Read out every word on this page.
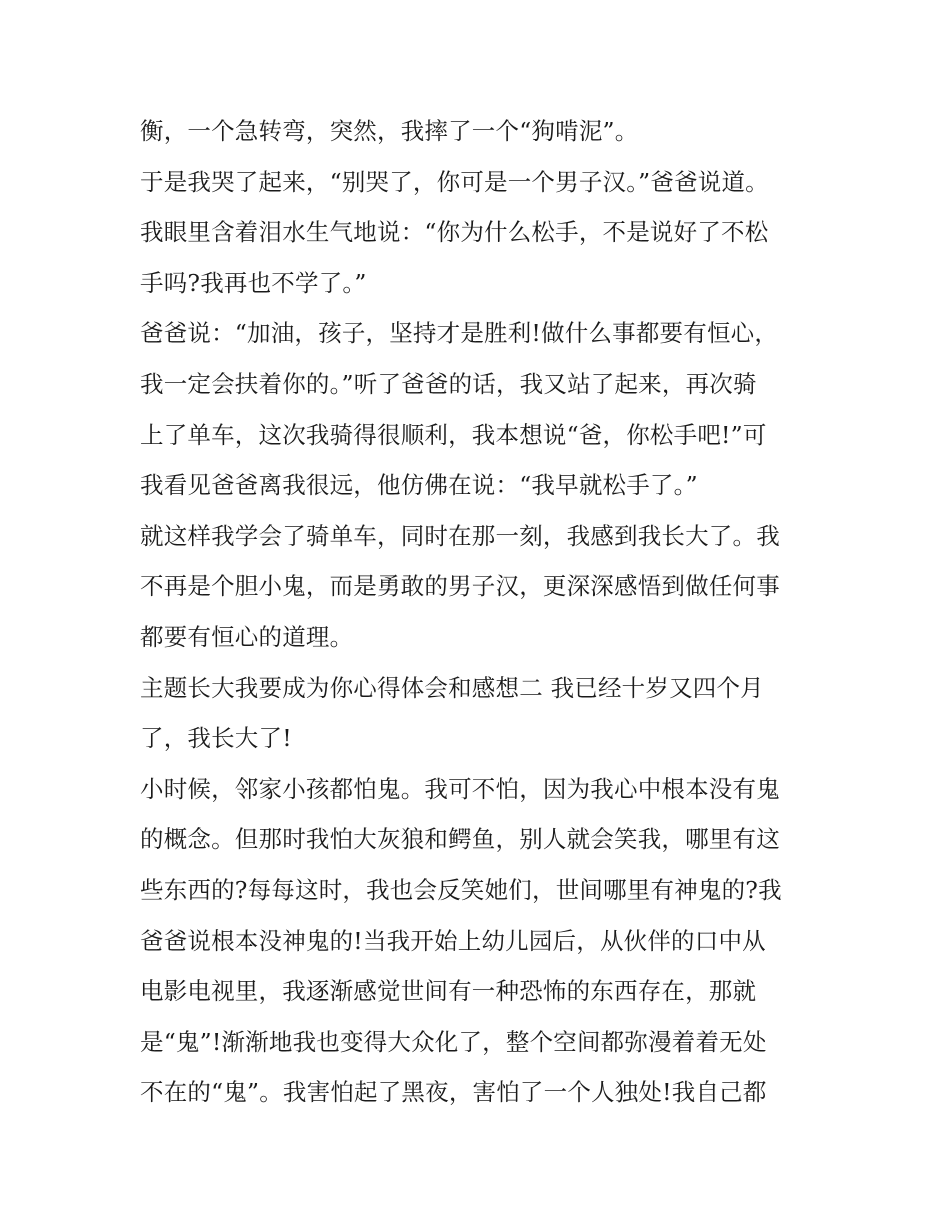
衡，一个急转弯，突然，我摔了一个“狗啃泥”。
于是我哭了起来，“别哭了，你可是一个男子汉。”爸爸说道。
我眼里含着泪水生气地说：“你为什么松手，不是说好了不松
手吗?我再也不学了。”
爸爸说：“加油，孩子，坚持才是胜利!做什么事都要有恒心，
我一定会扶着你的。”听了爸爸的话，我又站了起来，再次骑
上了单车，这次我骑得很顺利，我本想说“爸，你松手吧!”可
我看见爸爸离我很远，他仿佛在说：“我早就松手了。”
就这样我学会了骑单车，同时在那一刻，我感到我长大了。我
不再是个胆小鬼，而是勇敢的男子汉，更深深感悟到做任何事
都要有恒心的道理。
主题长大我要成为你心得体会和感想二 我已经十岁又四个月
了，我长大了!
小时候，邻家小孩都怕鬼。我可不怕，因为我心中根本没有鬼
的概念。但那时我怕大灰狼和鳄鱼，别人就会笑我，哪里有这
些东西的?每每这时，我也会反笑她们，世间哪里有神鬼的?我
爸爸说根本没神鬼的!当我开始上幼儿园后，从伙伴的口中从
电影电视里，我逐渐感觉世间有一种恐怖的东西存在，那就
是“鬼”!渐渐地我也变得大众化了，整个空间都弥漫着着无处
不在的“鬼”。我害怕起了黑夜，害怕了一个人独处!我自己都
